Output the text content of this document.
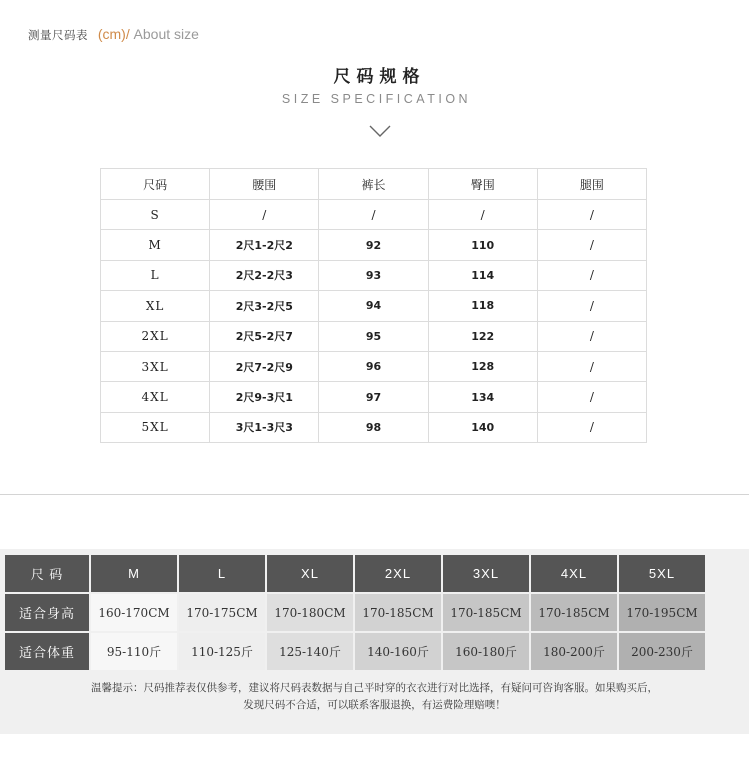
测量尺码表 (cm)/ About size
尺码规格
SIZE SPECIFICATION
尺码	腰围	裤长	臀围	腿围
S	/	/	/	/
M	2尺1-2尺2	92	110	/
L	2尺2-2尺3	93	114	/
XL	2尺3-2尺5	94	118	/
2XL	2尺5-2尺7	95	122	/
3XL	2尺7-2尺9	96	128	/
4XL	2尺9-3尺1	97	134	/
5XL	3尺1-3尺3	98	140	/
尺 码	M	L	XL	2XL	3XL	4XL	5XL
适合身高	160-170CM	170-175CM	170-180CM	170-185CM	170-185CM	170-185CM	170-195CM
适合体重	95-110斤	110-125斤	125-140斤	140-160斤	160-180斤	180-200斤	200-230斤
温馨提示：尺码推荐表仅供参考，建议将尺码表数据与自己平时穿的衣衣进行对比选择，有疑问可咨询客服。如果购买后，
发现尺码不合适，可以联系客服退换，有运费险理赔噢！
